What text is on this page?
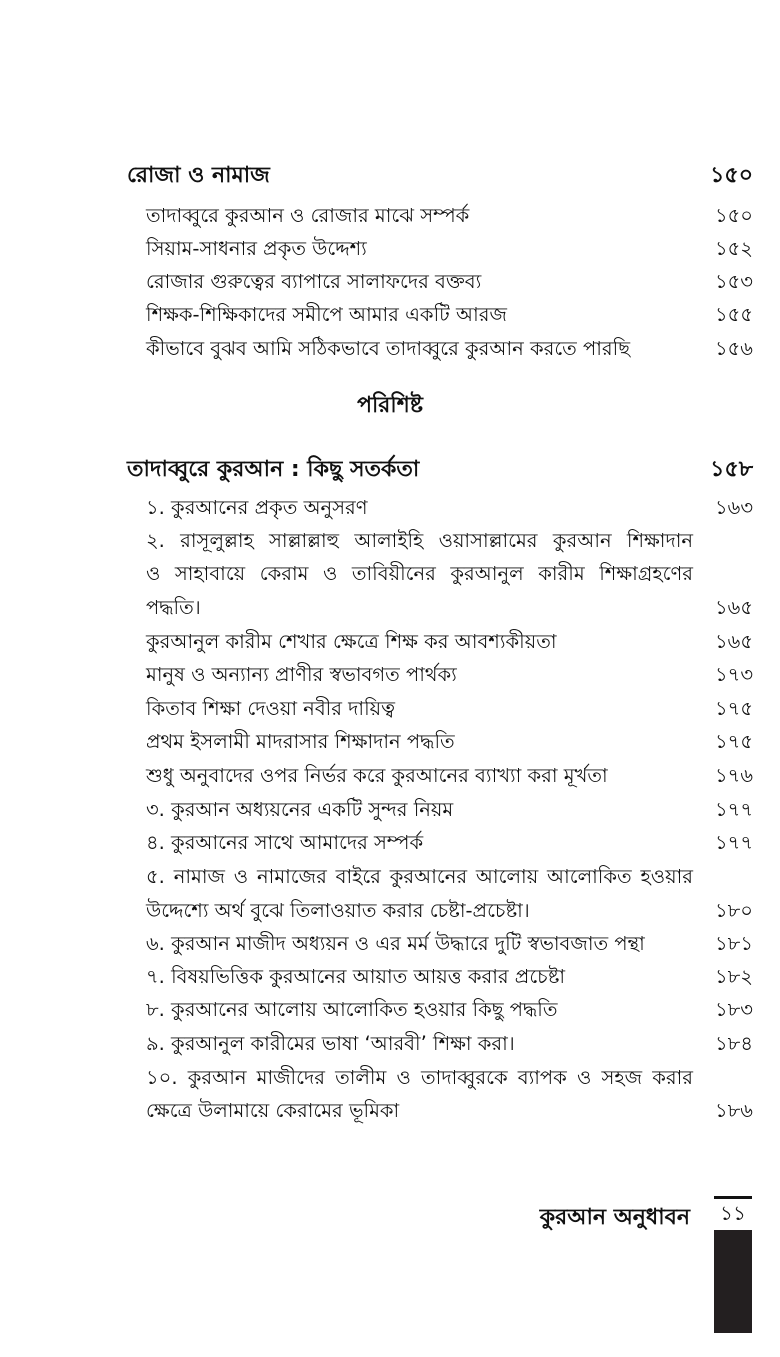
রোজা ও নামাজ	১৫০
তাদাব্বুরে কুরআন ও রোজার মাঝে সম্পর্ক	১৫০
সিয়াম-সাধনার প্রকৃত উদ্দেশ্য	১৫২
রোজার গুরুত্বের ব্যাপারে সালাফদের বক্তব্য	১৫৩
শিক্ষক-শিক্ষিকাদের সমীপে আমার একটি আরজ	১৫৫
কীভাবে বুঝব আমি সঠিকভাবে তাদাব্বুরে কুরআন করতে পারছি	১৫৬
পরিশিষ্ট
তাদাব্বুরে কুরআন : কিছু সতর্কতা	১৫৮
১. কুরআনের প্রকৃত অনুসরণ	১৬৩
২. রাসূলুল্লাহ সাল্লাল্লাহু আলাইহি ওয়াসাল্লামের কুরআন শিক্ষাদান
ও সাহাবায়ে কেরাম ও তাবিয়ীনের কুরআনুল কারীম শিক্ষাগ্রহণের
পদ্ধতি।	১৬৫
কুরআনুল কারীম শেখার ক্ষেত্রে শিক্ষ কর আবশ্যকীয়তা	১৬৫
মানুষ ও অন্যান্য প্রাণীর স্বভাবগত পার্থক্য	১৭৩
কিতাব শিক্ষা দেওয়া নবীর দায়িত্ব	১৭৫
প্রথম ইসলামী মাদরাসার শিক্ষাদান পদ্ধতি	১৭৫
শুধু অনুবাদের ওপর নির্ভর করে কুরআনের ব্যাখ্যা করা মূর্খতা	১৭৬
৩. কুরআন অধ্যয়নের একটি সুন্দর নিয়ম	১৭৭
৪. কুরআনের সাথে আমাদের সম্পর্ক	১৭৭
৫. নামাজ ও নামাজের বাইরে কুরআনের আলোয় আলোকিত হওয়ার
উদ্দেশ্যে অর্থ বুঝে তিলাওয়াত করার চেষ্টা-প্রচেষ্টা।	১৮০
৬. কুরআন মাজীদ অধ্যয়ন ও এর মর্ম উদ্ধারে দুটি স্বভাবজাত পন্থা	১৮১
৭. বিষয়ভিত্তিক কুরআনের আয়াত আয়ত্ত করার প্রচেষ্টা	১৮২
৮. কুরআনের আলোয় আলোকিত হওয়ার কিছু পদ্ধতি	১৮৩
৯. কুরআনুল কারীমের ভাষা ‘আরবী’ শিক্ষা করা।	১৮৪
১০. কুরআন মাজীদের তালীম ও তাদাব্বুরকে ব্যাপক ও সহজ করার
ক্ষেত্রে উলামায়ে কেরামের ভূমিকা	১৮৬
কুরআন অনুধাবন	১১
